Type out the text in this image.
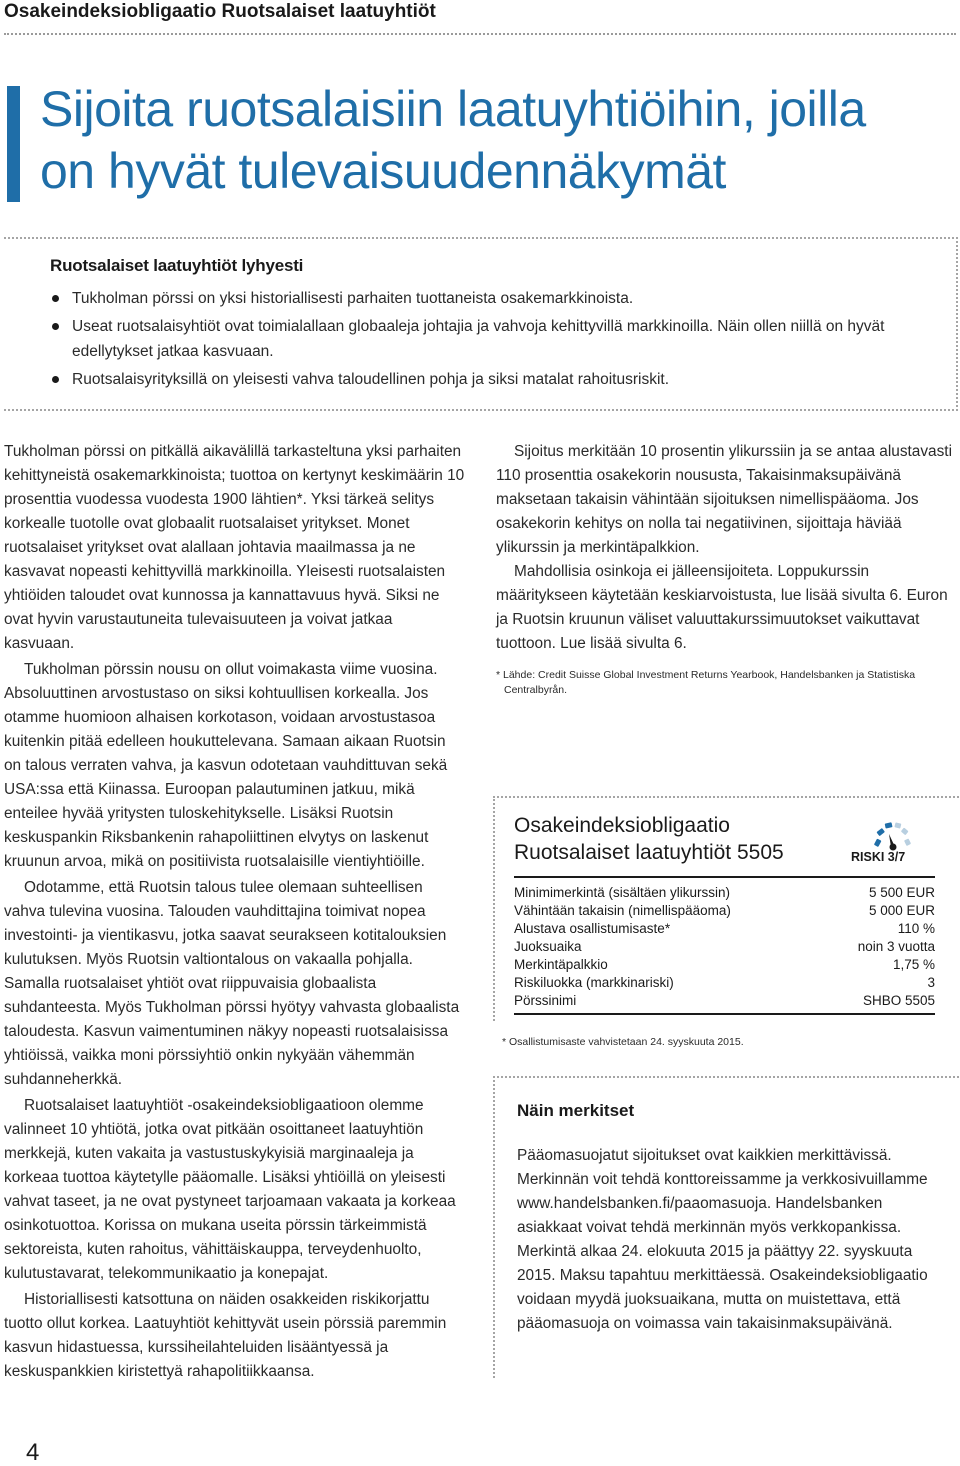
Osakeindeksiobligaatio Ruotsalaiset laatuyhtiöt
Sijoita ruotsalaisiin laatuyhtiöihin, joilla
on hyvät tulevaisuudennäkymät
Ruotsalaiset laatuyhtiöt lyhyesti
Tukholman pörssi on yksi historiallisesti parhaiten tuottaneista osakemarkkinoista.
Useat ruotsalaisyhtiöt ovat toimialallaan globaaleja johtajia ja vahvoja kehittyvillä markkinoilla. Näin ollen niillä on hyvät edellytykset jatkaa kasvuaan.
Ruotsalaisyrityksillä on yleisesti vahva taloudellinen pohja ja siksi matalat rahoitusriskit.

Tukholman pörssi on pitkällä aikavälillä tarkasteltuna yksi parhaiten kehittyneistä osakemarkkinoista; tuottoa on kertynyt keskimäärin 10 prosenttia vuodessa vuodesta 1900 lähtien*. Yksi tärkeä selitys korkealle tuotolle ovat globaalit ruotsalaiset yritykset. Monet ruotsalaiset yritykset ovat alallaan johtavia maailmassa ja ne kasvavat nopeasti kehittyvillä markkinoilla. Yleisesti ruotsalaisten yhtiöiden taloudet ovat kunnossa ja kannattavuus hyvä. Siksi ne ovat hyvin varustautuneita tulevaisuuteen ja voivat jatkaa kasvuaan.

Tukholman pörssin nousu on ollut voimakasta viime vuosina. Absoluuttinen arvostustaso on siksi kohtuullisen korkealla. Jos otamme huomioon alhaisen korkotason, voidaan arvostustasoa kuitenkin pitää edelleen houkuttelevana. Samaan aikaan Ruotsin on talous verraten vahva, ja kasvun odotetaan vauhdittuvan sekä USA:ssa että Kiinassa. Euroopan palautuminen jatkuu, mikä enteilee hyvää yritysten tuloskehitykselle. Lisäksi Ruotsin keskuspankin Riksbankenin rahapoliittinen elvytys on laskenut kruunun arvoa, mikä on positiivista ruotsalaisille vientiyhtiöille.

Odotamme, että Ruotsin talous tulee olemaan suhteellisen vahva tulevina vuosina. Talouden vauhdittajina toimivat nopea investointi- ja vientikasvu, jotka saavat seurakseen kotitalouksien kulutuksen. Myös Ruotsin valtiontalous on vakaalla pohjalla. Samalla ruotsalaiset yhtiöt ovat riippuvaisia globaalista suhdanteesta. Myös Tukholman pörssi hyötyy vahvasta globaalista taloudesta. Kasvun vaimentuminen näkyy nopeasti ruotsalaisissa yhtiöissä, vaikka moni pörssiyhtiö onkin nykyään vähemmän suhdanneherkkä.

Ruotsalaiset laatuyhtiöt -osakeindeksiobligaatioon olemme valinneet 10 yhtiötä, jotka ovat pitkään osoittaneet laatuyhtiön merkkejä, kuten vakaita ja vastustuskykyisiä marginaaleja ja korkeaa tuottoa käytetylle pääomalle. Lisäksi yhtiöillä on yleisesti vahvat taseet, ja ne ovat pystyneet tarjoamaan vakaata ja korkeaa osinkotuottoa. Korissa on mukana useita pörssin tärkeimmistä sektoreista, kuten rahoitus, vähittäiskauppa, terveydenhuolto, kulutustavarat, telekommunikaatio ja konepajat.

Historiallisesti katsottuna on näiden osakkeiden riskikorjattu tuotto ollut korkea. Laatuyhtiöt kehittyvät usein pörssiä paremmin kasvun hidastuessa, kurssiheilahteluiden lisääntyessä ja keskuspankkien kiristettyä rahapolitiikkaansa.

Sijoitus merkitään 10 prosentin ylikurssiin ja se antaa alustavasti 110 prosenttia osakekorin noususta, Takaisinmaksupäivänä maksetaan takaisin vähintään sijoituksen nimellispääoma. Jos osakekorin kehitys on nolla tai negatiivinen, sijoittaja häviää ylikurssin ja merkintäpalkkion.

Mahdollisia osinkoja ei jälleensijoiteta. Loppukurssin määritykseen käytetään keskiarvoistusta, lue lisää sivulta 6. Euron ja Ruotsin kruunun väliset valuuttakurssimuutokset vaikuttavat tuottoon. Lue lisää sivulta 6.

* Lähde: Credit Suisse Global Investment Returns Yearbook, Handelsbanken ja Statistiska Centralbyrån.

Osakeindeksiobligaatio
Ruotsalaiset laatuyhtiöt 5505	RISKI 3/7
Minimimerkintä (sisältäen ylikurssin)	5 500 EUR
Vähintään takaisin (nimellispääoma)	5 000 EUR
Alustava osallistumisaste*	110 %
Juoksuaika	noin 3 vuotta
Merkintäpalkkio	1,75 %
Riskiluokka (markkinariski)	3
Pörssinimi	SHBO 5505
* Osallistumisaste vahvistetaan 24. syyskuuta 2015.
Näin merkitset
Pääomasuojatut sijoitukset ovat kaikkien merkittävissä. Merkinnän voit tehdä konttoreissamme ja verkkosivuillamme www.handelsbanken.fi/paaomasuoja. Handelsbanken asiakkaat voivat tehdä merkinnän myös verkkopankissa. Merkintä alkaa 24. elokuuta 2015 ja päättyy 22. syyskuuta 2015. Maksu tapahtuu merkittäessä. Osakeindeksiobligaatio voidaan myydä juoksuaikana, mutta on muistettava, että pääomasuoja on voimassa vain takaisinmaksupäivänä.
4
